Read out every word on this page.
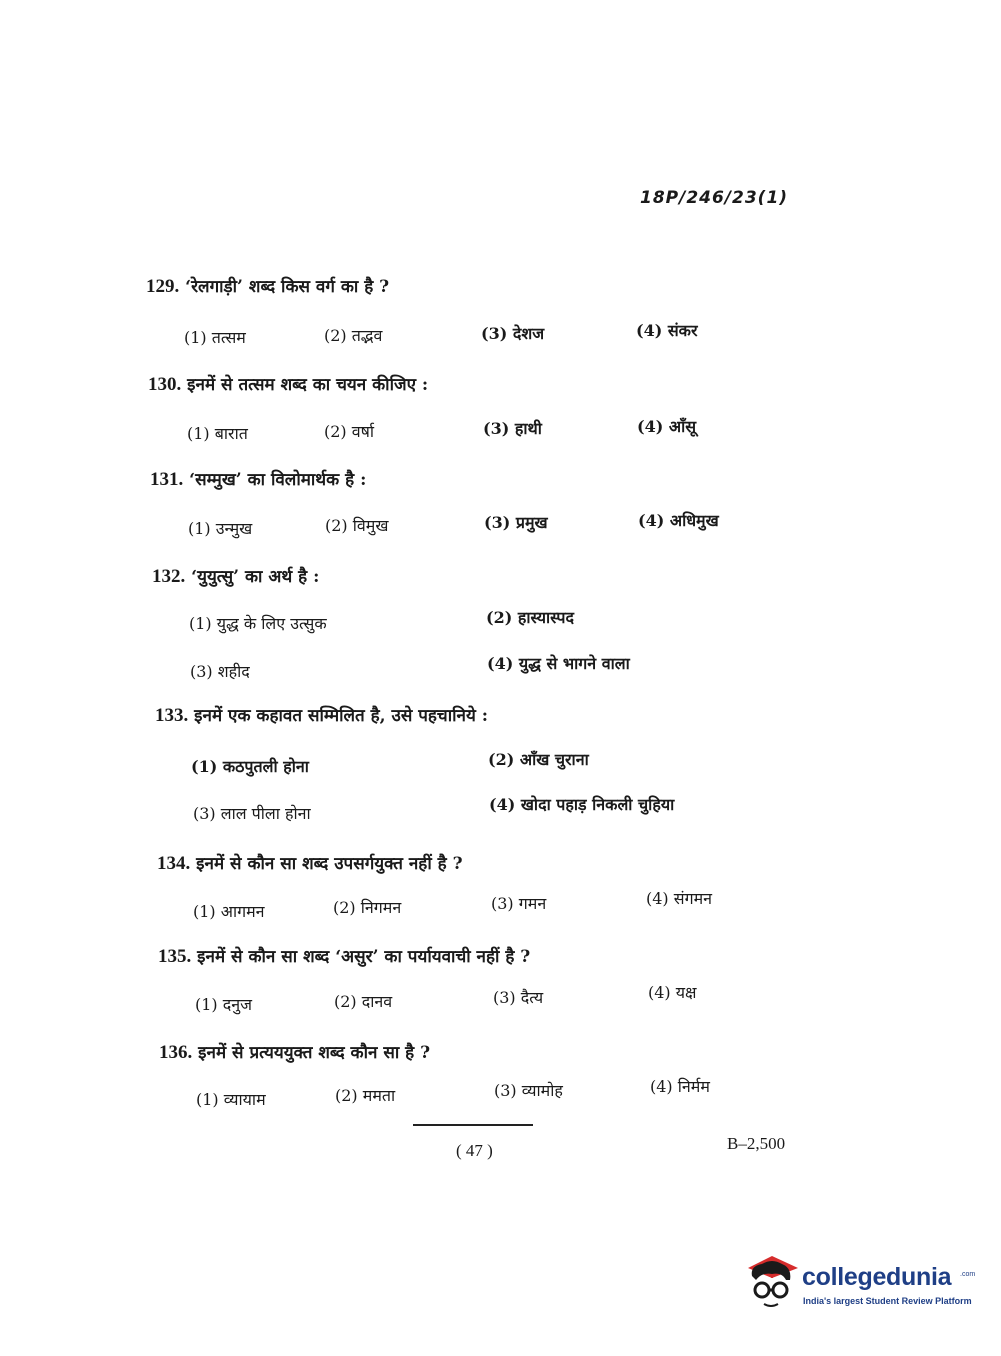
18P/246/23(1)
129. ‘रेलगाड़ी’ शब्द किस वर्ग का है ?
(1) तत्सम	(2) तद्भव	(3) देशज	(4) संकर
130. इनमें से तत्सम शब्द का चयन कीजिए :
(1) बारात	(2) वर्षा	(3) हाथी	(4) आँसू
131. ‘सम्मुख’ का विलोमार्थक है :
(1) उन्मुख	(2) विमुख	(3) प्रमुख	(4) अधिमुख
132. ‘युयुत्सु’ का अर्थ है :
(1) युद्ध के लिए उत्सुक	(2) हास्यास्पद
(3) शहीद	(4) युद्ध से भागने वाला
133. इनमें एक कहावत सम्मिलित है, उसे पहचानिये :
(1) कठपुतली होना	(2) आँख चुराना
(3) लाल पीला होना	(4) खोदा पहाड़ निकली चुहिया
134. इनमें से कौन सा शब्द उपसर्गयुक्त नहीं है ?
(1) आगमन	(2) निगमन	(3) गमन	(4) संगमन
135. इनमें से कौन सा शब्द ‘असुर’ का पर्यायवाची नहीं है ?
(1) दनुज	(2) दानव	(3) दैत्य	(4) यक्ष
136. इनमें से प्रत्यययुक्त शब्द कौन सा है ?
(1) व्यायाम	(2) ममता	(3) व्यामोह	(4) निर्मम
( 47 )	B–2,500
collegedunia .com
India's largest Student Review Platform
